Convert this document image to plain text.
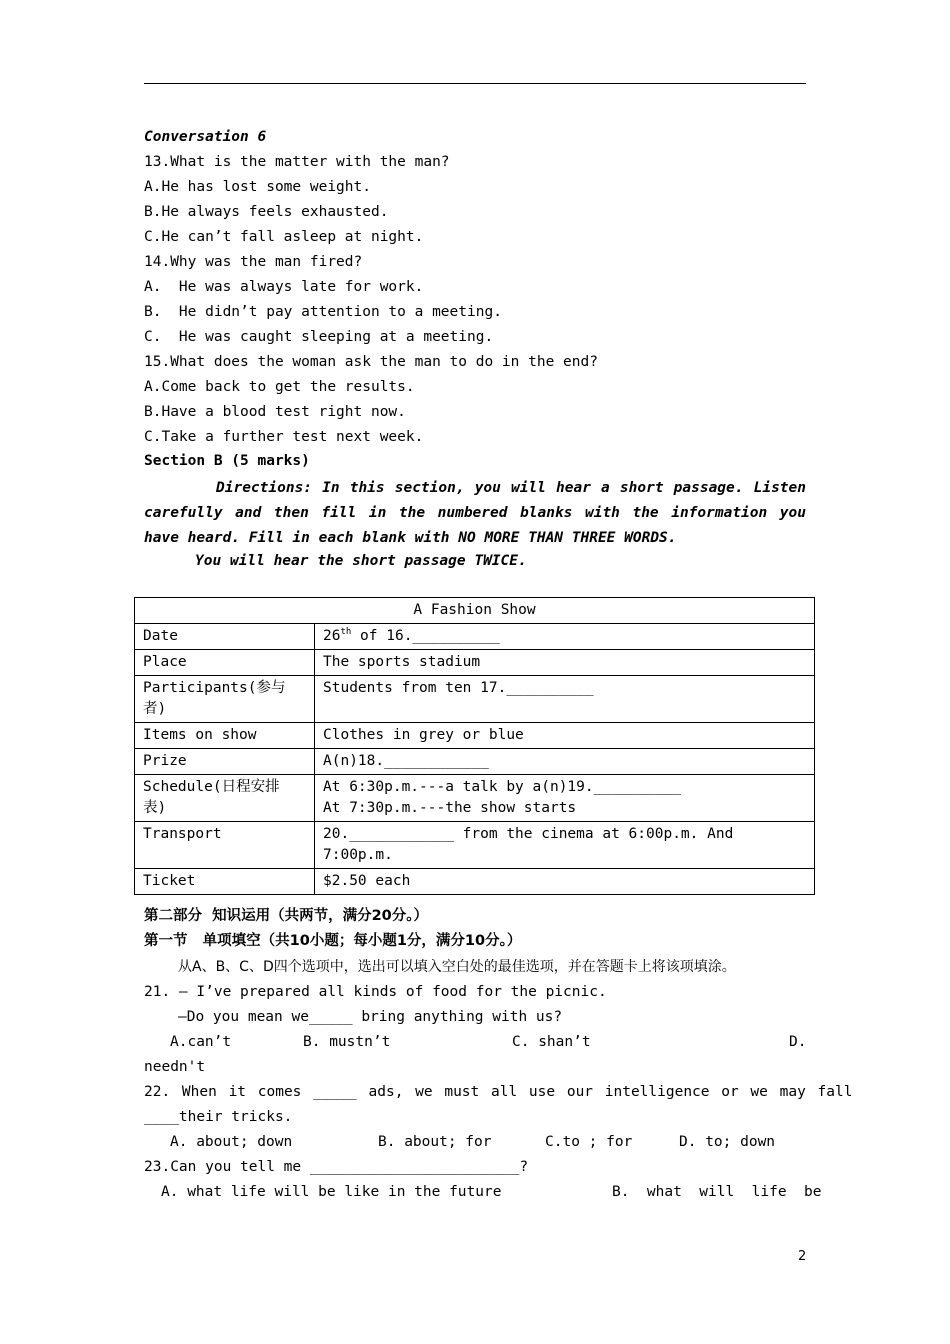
Conversation 6
13.What is the matter with the man?
A.He has lost some weight.
B.He always feels exhausted.
C.He can’t fall asleep at night.
14.Why was the man fired?
A.  He was always late for work.
B.  He didn’t pay attention to a meeting.
C.  He was caught sleeping at a meeting.
15.What does the woman ask the man to do in the end?
A.Come back to get the results.
B.Have a blood test right now.
C.Take a further test next week.
Section B (5 marks)
Directions: In this section, you will hear a short passage. Listen carefully and then fill in the numbered blanks with the information you have heard. Fill in each blank with NO MORE THAN THREE WORDS.
You will hear the short passage TWICE.
A Fashion Show	
Date	26th of 16.__________
Place	The sports stadium
Participants(参与者)	Students from ten 17.__________
Items on show	Clothes in grey or blue
Prize	A(n)18.____________
Schedule(日程安排表)	At 6:30p.m.---a talk by a(n)19.__________
At 7:30p.m.---the show starts

Transport	20.____________ from the cinema at 6:00p.m. And 7:00p.m.
Ticket	$2.50 each
第二部分  知识运用（共两节，满分20分。）
第一节   单项填空（共10小题；每小题1分，满分10分。）
从A、B、C、D四个选项中，选出可以填入空白处的最佳选项，并在答题卡上将该项填涂。
21. — I’ve prepared all kinds of food for the picnic.
—Do you mean we_____ bring anything with us?
A.can’t	B. mustn’t	C. shan’t	D.
needn't
22. When it comes _____ ads, we must all use our intelligence or we may fall
____their tricks.
A. about; down	B. about; for	C.to ; for	D. to; down
23.Can you tell me ________________________?
A. what life will be like in the future	B.  what  will  life  be
2
